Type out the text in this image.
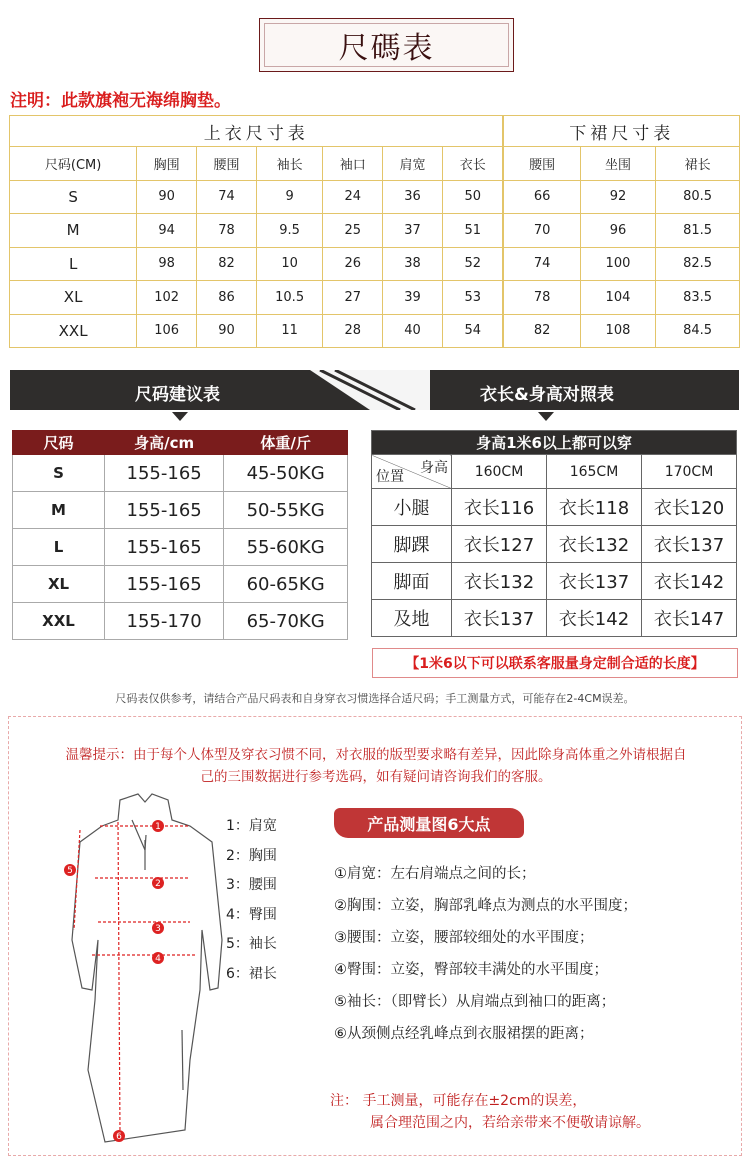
尺碼表
注明：此款旗袍无海绵胸垫。
上衣尺寸表							下裙尺寸表		
尺码(CM)	胸围	腰围	袖长	袖口	肩宽	衣长	腰围	坐围	裙长
S	90	74	9	24	36	50	66	92	80.5
M	94	78	9.5	25	37	51	70	96	81.5
L	98	82	10	26	38	52	74	100	82.5
XL	102	86	10.5	27	39	53	78	104	83.5
XXL	106	90	11	28	40	54	82	108	84.5
尺码建议表	衣长&身高对照表
尺码	身高/cm	体重/斤
S	155-165	45-50KG
M	155-165	50-55KG
L	155-165	55-60KG
XL	155-165	60-65KG
XXL	155-170	65-70KG
身高1米6以上都可以穿			

身高
位置	160CM	165CM	170CM
小腿	衣长116	衣长118	衣长120
脚踝	衣长127	衣长132	衣长137
脚面	衣长132	衣长137	衣长142
及地	衣长137	衣长142	衣长147
【1米6以下可以联系客服量身定制合适的长度】
尺码表仅供参考，请结合产品尺码表和自身穿衣习惯选择合适尺码；手工测量方式，可能存在2-4CM误差。
温馨提示：由于每个人体型及穿衣习惯不同，对衣服的版型要求略有差异，因此除身高体重之外请根据自
己的三围数据进行参考选码，如有疑问请咨询我们的客服。
1
2
3
4
5
6
1：肩宽
2：胸围
3：腰围
4：臀围
5：袖长
6：裙长
产品测量图6大点
①肩宽：左右肩端点之间的长；
②胸围：立姿，胸部乳峰点为测点的水平围度；
③腰围：立姿，腰部较细处的水平围度；
④臀围：立姿，臀部较丰满处的水平围度；
⑤袖长：（即臂长）从肩端点到袖口的距离；
⑥从颈侧点经乳峰点到衣服裙摆的距离；
注： 手工测量，可能存在±2cm的误差，
属合理范围之内，若给亲带来不便敬请谅解。
